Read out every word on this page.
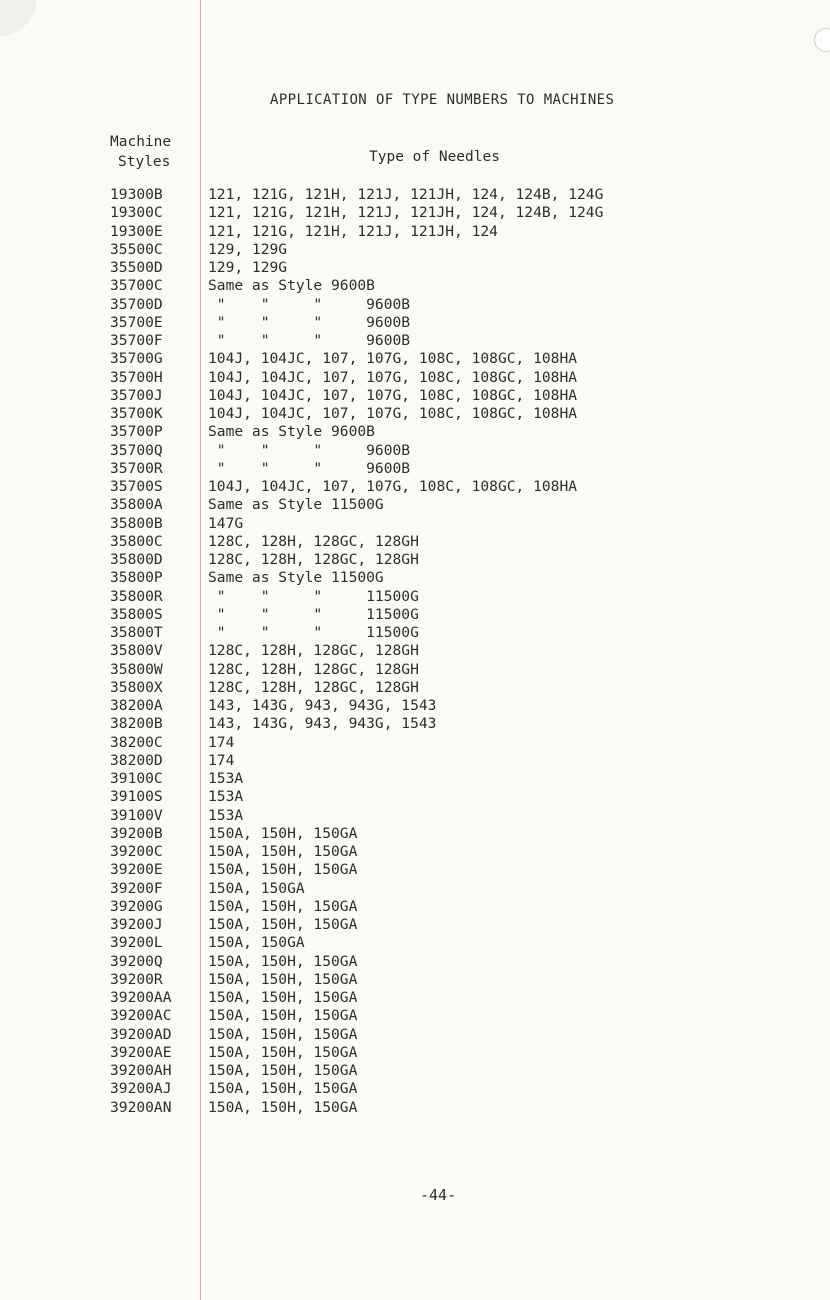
APPLICATION OF TYPE NUMBERS TO MACHINES
Machine
Styles	Type of Needles
19300B	121, 121G, 121H, 121J, 121JH, 124, 124B, 124G
19300C	121, 121G, 121H, 121J, 121JH, 124, 124B, 124G
19300E	121, 121G, 121H, 121J, 121JH, 124
35500C	129, 129G
35500D	129, 129G
35700C	Same as Style 9600B
35700D	"    "     "     9600B
35700E	"    "     "     9600B
35700F	"    "     "     9600B
35700G	104J, 104JC, 107, 107G, 108C, 108GC, 108HA
35700H	104J, 104JC, 107, 107G, 108C, 108GC, 108HA
35700J	104J, 104JC, 107, 107G, 108C, 108GC, 108HA
35700K	104J, 104JC, 107, 107G, 108C, 108GC, 108HA
35700P	Same as Style 9600B
35700Q	"    "     "     9600B
35700R	"    "     "     9600B
35700S	104J, 104JC, 107, 107G, 108C, 108GC, 108HA
35800A	Same as Style 11500G
35800B	147G
35800C	128C, 128H, 128GC, 128GH
35800D	128C, 128H, 128GC, 128GH
35800P	Same as Style 11500G
35800R	"    "     "     11500G
35800S	"    "     "     11500G
35800T	"    "     "     11500G
35800V	128C, 128H, 128GC, 128GH
35800W	128C, 128H, 128GC, 128GH
35800X	128C, 128H, 128GC, 128GH
38200A	143, 143G, 943, 943G, 1543
38200B	143, 143G, 943, 943G, 1543
38200C	174
38200D	174
39100C	153A
39100S	153A
39100V	153A
39200B	150A, 150H, 150GA
39200C	150A, 150H, 150GA
39200E	150A, 150H, 150GA
39200F	150A, 150GA
39200G	150A, 150H, 150GA
39200J	150A, 150H, 150GA
39200L	150A, 150GA
39200Q	150A, 150H, 150GA
39200R	150A, 150H, 150GA
39200AA	150A, 150H, 150GA
39200AC	150A, 150H, 150GA
39200AD	150A, 150H, 150GA
39200AE	150A, 150H, 150GA
39200AH	150A, 150H, 150GA
39200AJ	150A, 150H, 150GA
39200AN	150A, 150H, 150GA
-44-
